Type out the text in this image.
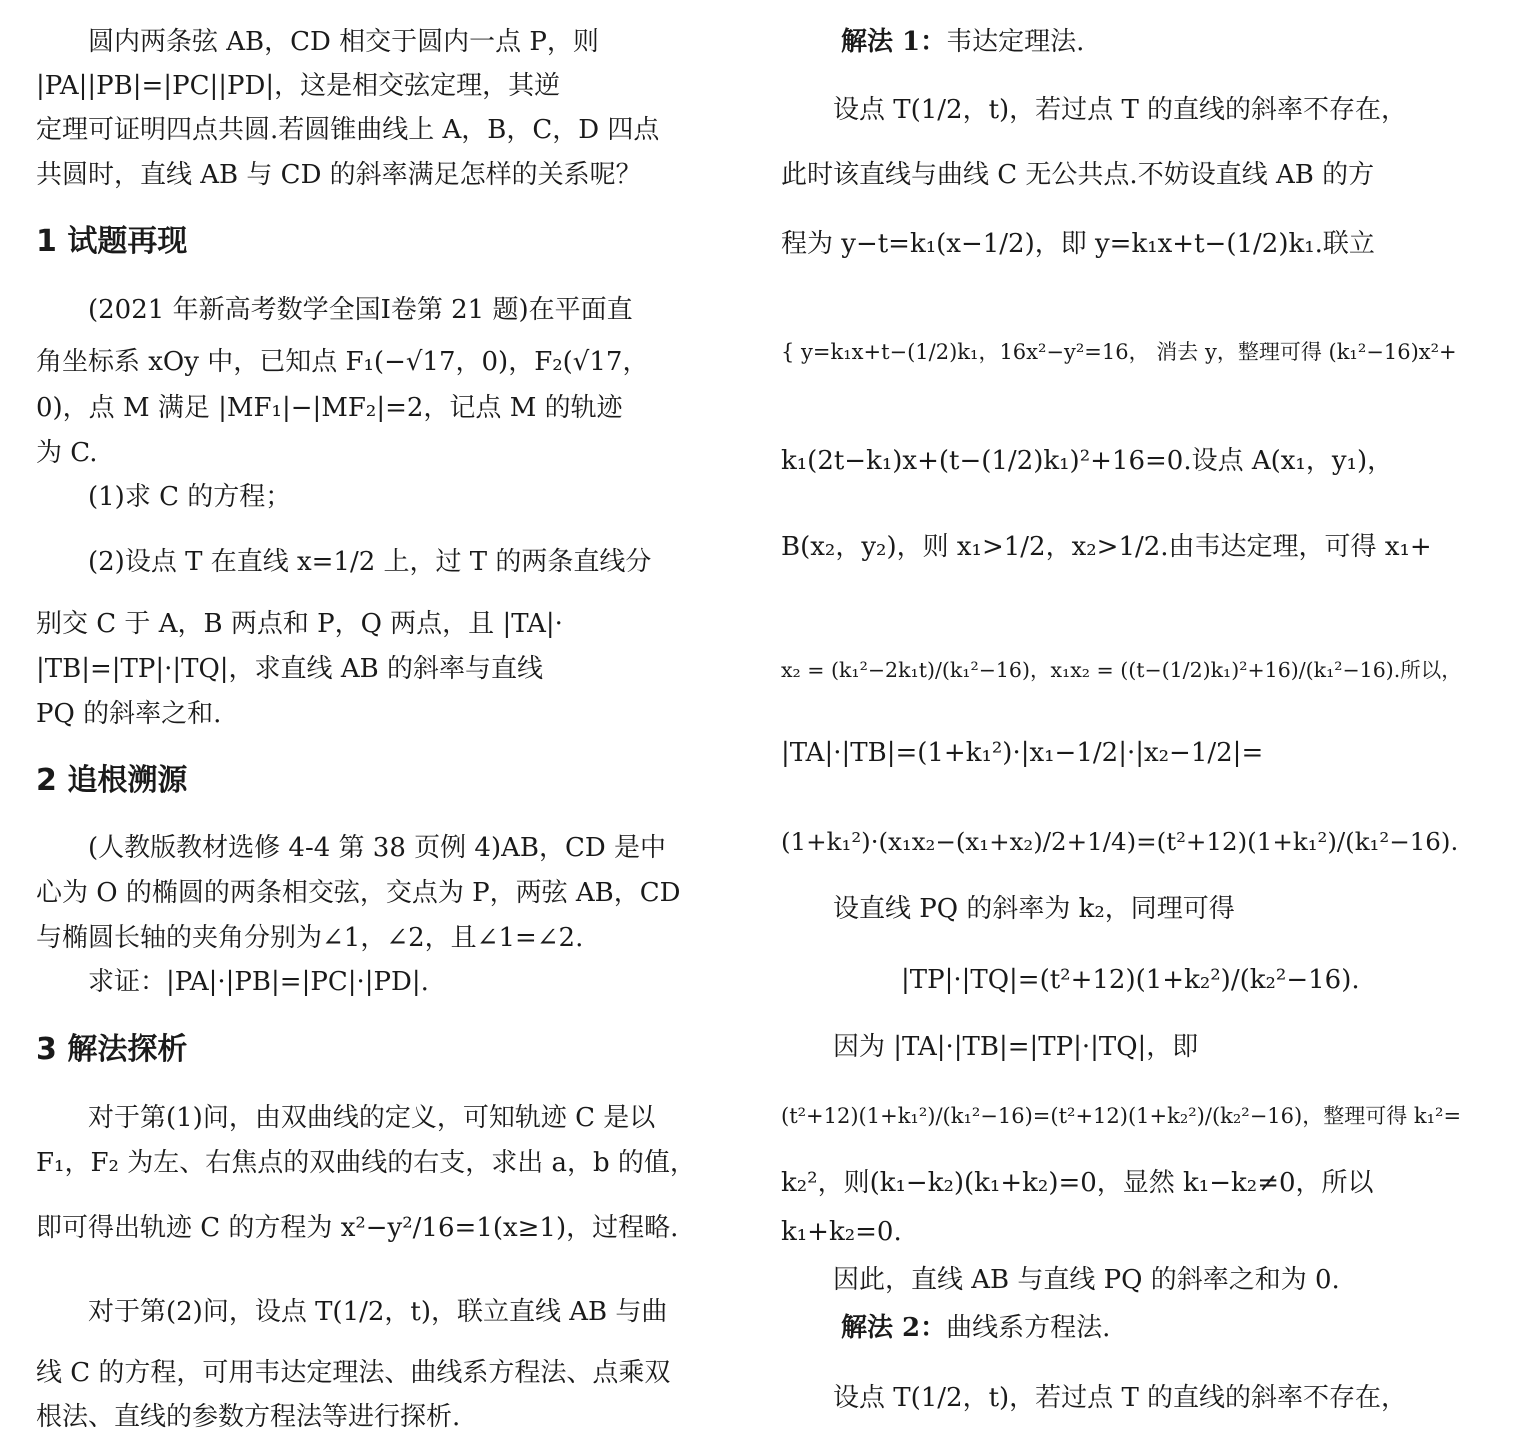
　　圆内两条弦 AB，CD 相交于圆内一点 P，则
|PA||PB|=|PC||PD|，这是相交弦定理，其逆
定理可证明四点共圆.若圆锥曲线上 A，B，C，D 四点
共圆时，直线 AB 与 CD 的斜率满足怎样的关系呢？
1 试题再现
　　(2021 年新高考数学全国Ⅰ卷第 21 题)在平面直
角坐标系 xOy 中，已知点 F₁(−√17，0)，F₂(√17，
0)，点 M 满足 |MF₁|−|MF₂|=2，记点 M 的轨迹
为 C.
　　(1)求 C 的方程；
　　(2)设点 T 在直线 x=1/2 上，过 T 的两条直线分
别交 C 于 A，B 两点和 P，Q 两点，且 |TA|·
|TB|=|TP|·|TQ|，求直线 AB 的斜率与直线
PQ 的斜率之和.
2 追根溯源
　　(人教版教材选修 4-4 第 38 页例 4)AB，CD 是中
心为 O 的椭圆的两条相交弦，交点为 P，两弦 AB，CD
与椭圆长轴的夹角分别为∠1，∠2，且∠1=∠2.
　　求证：|PA|·|PB|=|PC|·|PD|.
3 解法探析
　　对于第(1)问，由双曲线的定义，可知轨迹 C 是以
F₁，F₂ 为左、右焦点的双曲线的右支，求出 a，b 的值，
即可得出轨迹 C 的方程为 x²−y²/16=1(x≥1)，过程略.
　　对于第(2)问，设点 T(1/2，t)，联立直线 AB 与曲
线 C 的方程，可用韦达定理法、曲线系方程法、点乘双
根法、直线的参数方程法等进行探析.
解法 1：韦达定理法.
　　设点 T(1/2，t)，若过点 T 的直线的斜率不存在，
此时该直线与曲线 C 无公共点.不妨设直线 AB 的方
程为 y−t=k₁(x−1/2)，即 y=k₁x+t−(1/2)k₁.联立
{ y=k₁x+t−(1/2)k₁，16x²−y²=16， 消去 y，整理可得 (k₁²−16)x²+
k₁(2t−k₁)x+(t−(1/2)k₁)²+16=0.设点 A(x₁，y₁)，
B(x₂，y₂)，则 x₁>1/2，x₂>1/2.由韦达定理，可得 x₁+
x₂ = (k₁²−2k₁t)/(k₁²−16)，x₁x₂ = ((t−(1/2)k₁)²+16)/(k₁²−16).所以，
|TA|·|TB|=(1+k₁²)·|x₁−1/2|·|x₂−1/2|=
(1+k₁²)·(x₁x₂−(x₁+x₂)/2+1/4)=(t²+12)(1+k₁²)/(k₁²−16).
　　设直线 PQ 的斜率为 k₂，同理可得
|TP|·|TQ|=(t²+12)(1+k₂²)/(k₂²−16).
　　因为 |TA|·|TB|=|TP|·|TQ|，即
(t²+12)(1+k₁²)/(k₁²−16)=(t²+12)(1+k₂²)/(k₂²−16)，整理可得 k₁²=
k₂²，则(k₁−k₂)(k₁+k₂)=0，显然 k₁−k₂≠0，所以
k₁+k₂=0.
　　因此，直线 AB 与直线 PQ 的斜率之和为 0.
解法 2：曲线系方程法.
　　设点 T(1/2，t)，若过点 T 的直线的斜率不存在，
